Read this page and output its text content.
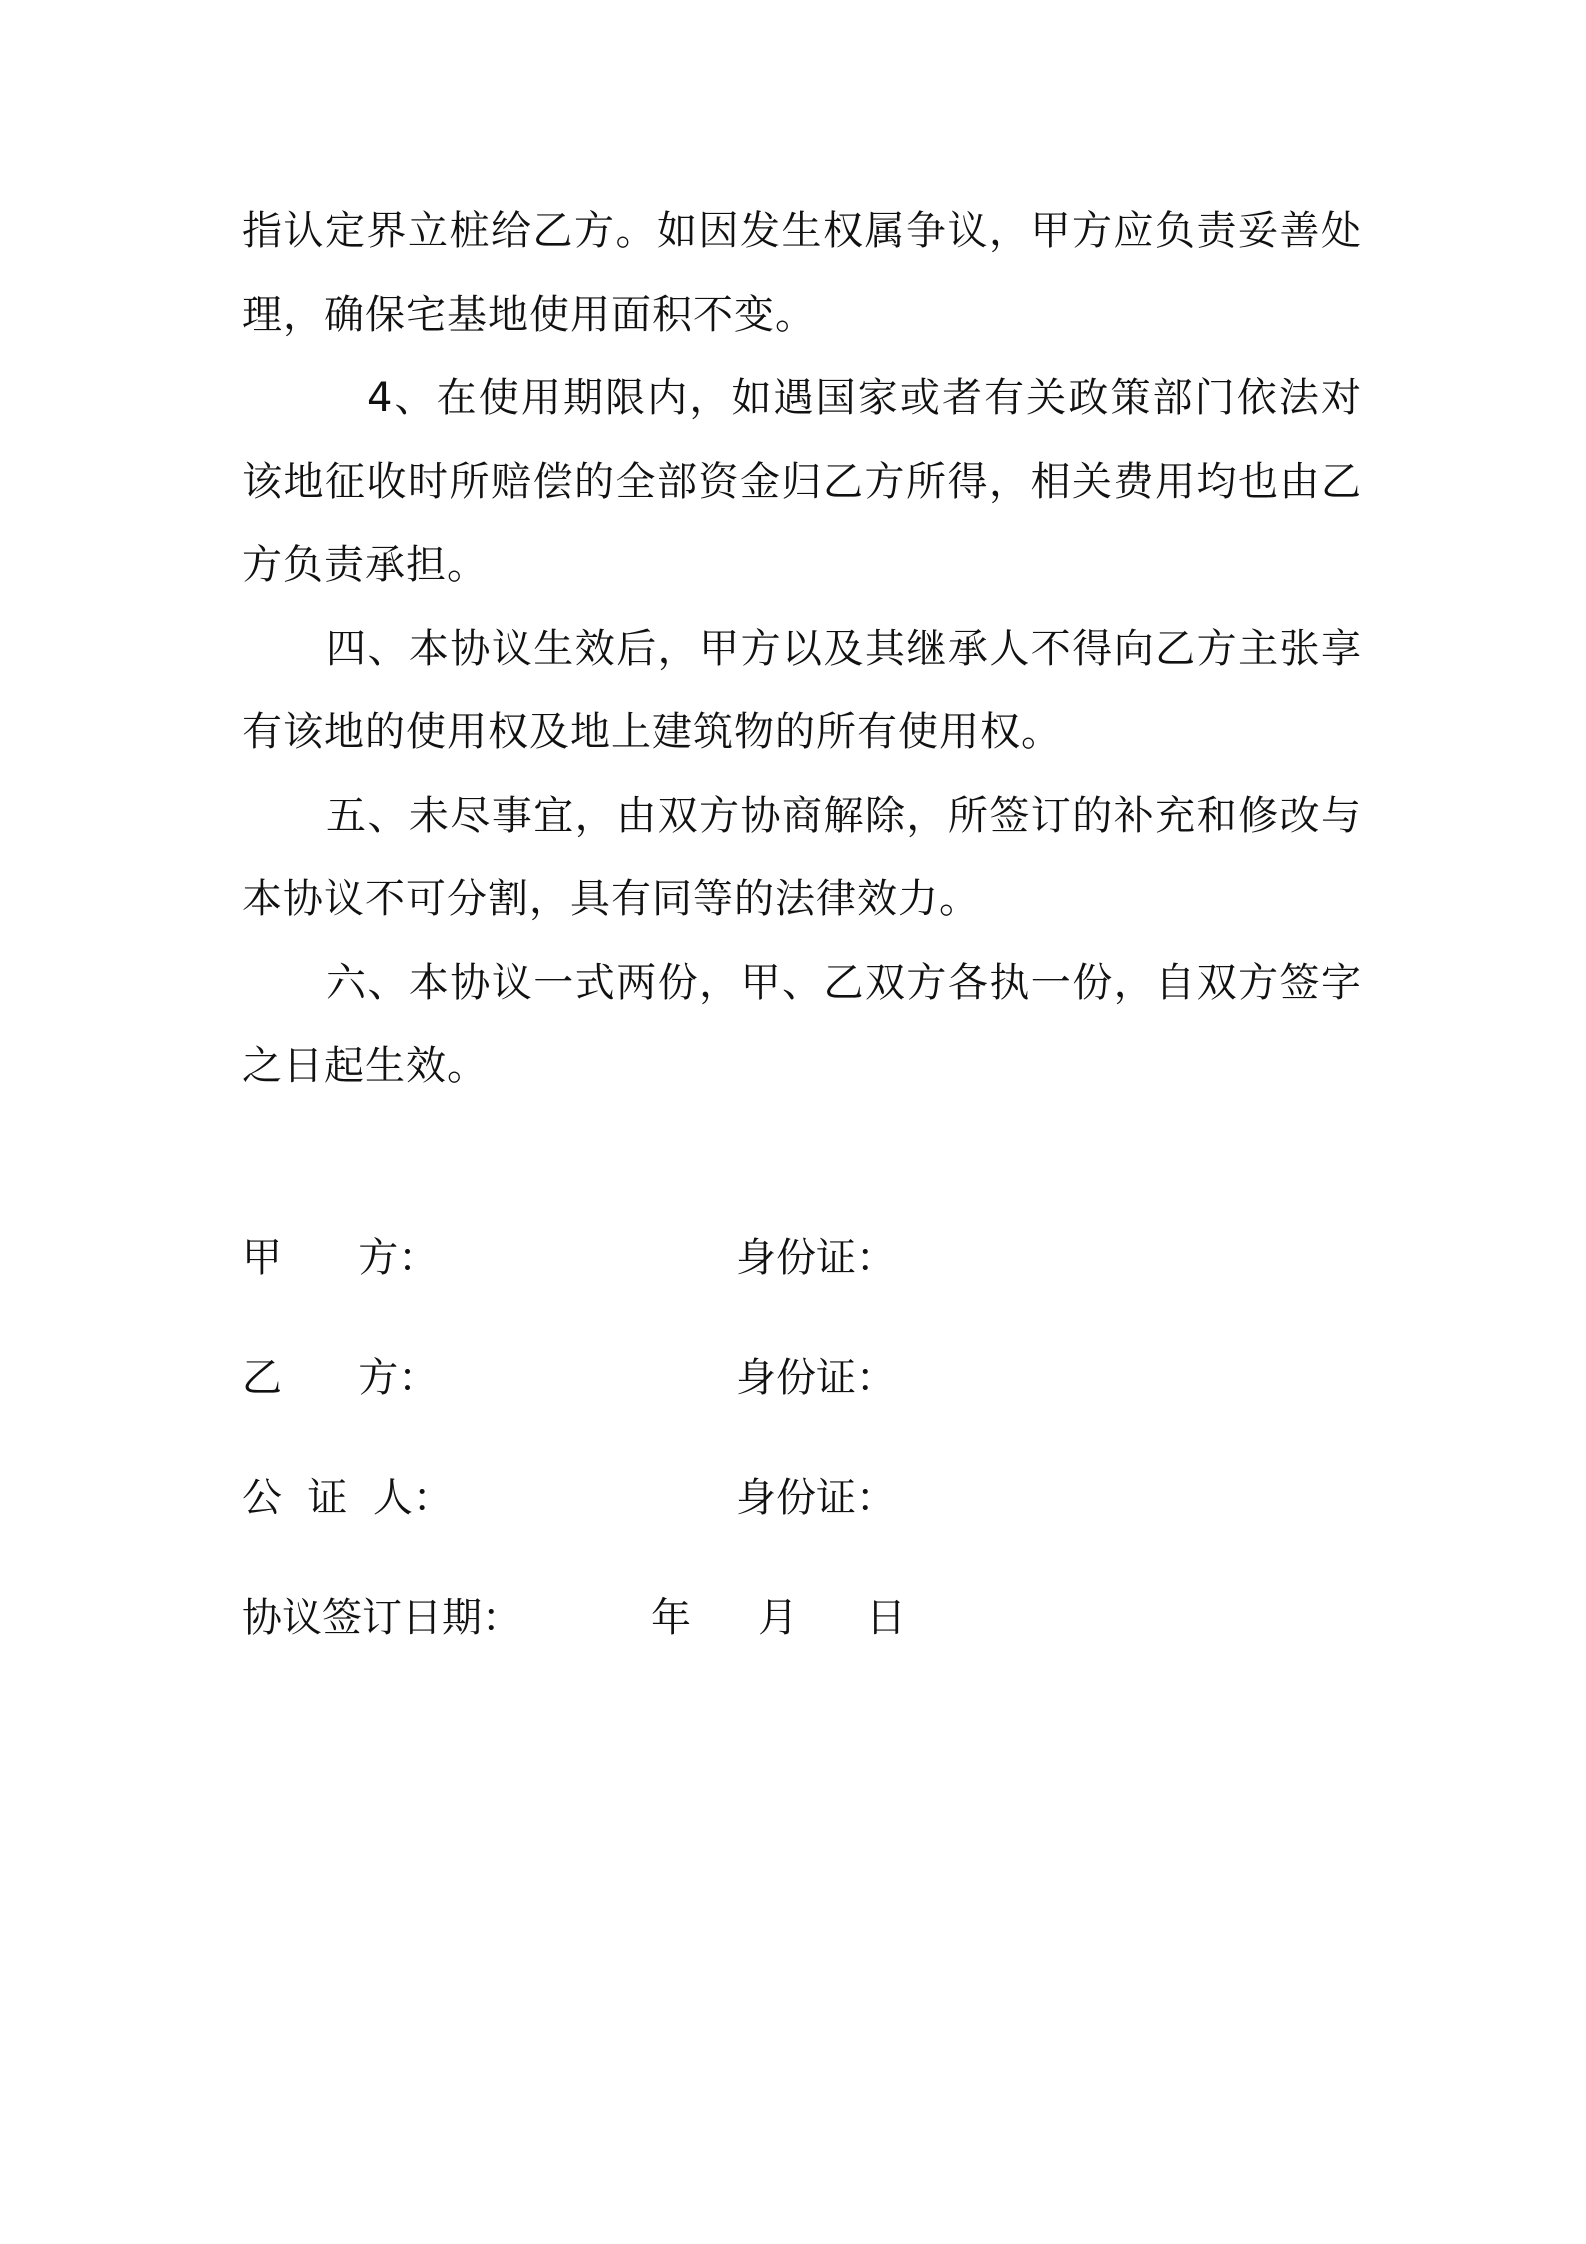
指认定界立桩给乙方。如因发生权属争议，甲方应负责妥善处理，确保宅基地使用面积不变。

4、在使用期限内，如遇国家或者有关政策部门依法对该地征收时所赔偿的全部资金归乙方所得，相关费用均也由乙方负责承担。

四、本协议生效后，甲方以及其继承人不得向乙方主张享有该地的使用权及地上建筑物的所有使用权。

五、未尽事宜，由双方协商解除，所签订的补充和修改与本协议不可分割，具有同等的法律效力。

六、本协议一式两份，甲、乙双方各执一份，自双方签字之日起生效。

甲      方：	身份证：
乙      方：	身份证：
公  证  人：	身份证：
协议签订日期：	年 月 日
